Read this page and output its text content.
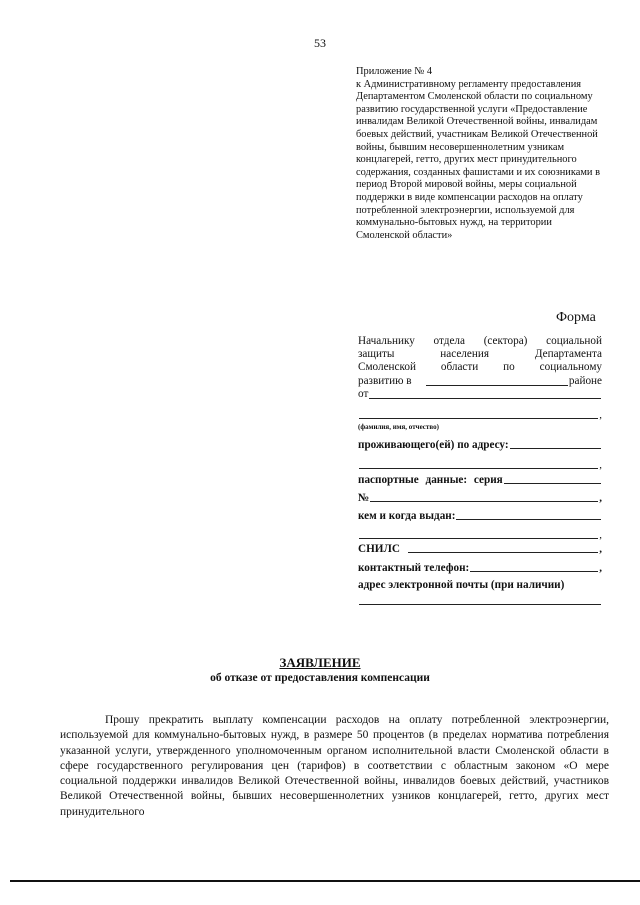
53
Приложение № 4
к Административному регламенту предоставления Департаментом Смоленской области по социальному развитию государственной услуги «Предоставление инвалидам Великой Отечественной войны, инвалидам боевых действий, участникам Великой Отечественной войны, бывшим несовершеннолетним узникам концлагерей, гетто, других мест принудительного содержания, созданных фашистами и их союзниками в период Второй мировой войны, меры социальной поддержки в виде компенсации расходов на оплату потребленной электроэнергии, используемой для коммунально-бытовых нужд, на территории Смоленской области»
Форма
Начальнику отдела (сектора) социальной
защиты населения Департамента
Смоленской области по социальному
развитию в	районе
от
,
(фамилия, имя, отчество)
проживающего(ей) по адресу:
,
паспортные данные: серия
№	,
кем и когда выдан:
,
СНИЛС	,
контактный телефон:	,
адрес электронной почты (при наличии)
ЗАЯВЛЕНИЕ
об отказе от предоставления компенсации
Прошу прекратить выплату компенсации расходов на оплату потребленной электроэнергии, используемой для коммунально-бытовых нужд, в размере 50 процентов (в пределах норматива потребления указанной услуги, утвержденного уполномоченным органом исполнительной власти Смоленской области в сфере государственного регулирования цен (тарифов) в соответствии с областным законом «О мере социальной поддержки инвалидов Великой Отечественной войны, инвалидов боевых действий, участников Великой Отечественной войны, бывших несовершеннолетних узников концлагерей, гетто, других мест принудительного
